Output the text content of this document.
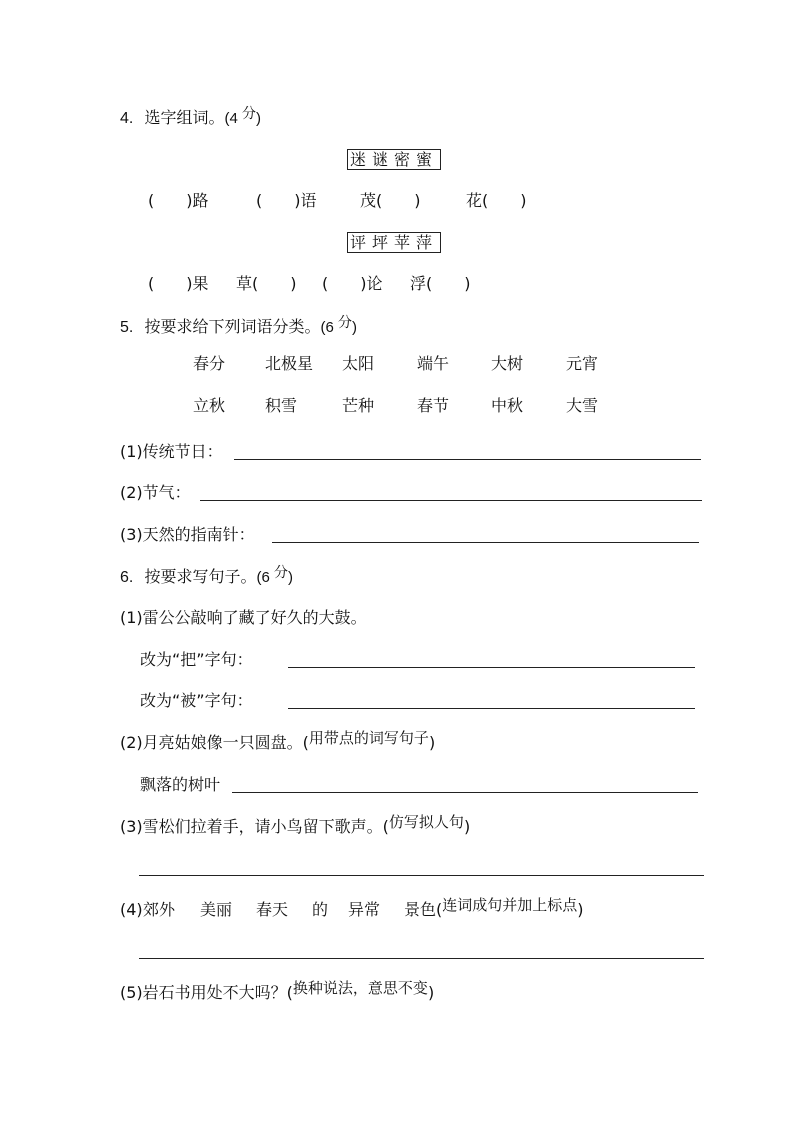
4. 选字组词。(4 分)
迷谜密蜜
(　　)路	(　　)语	茂(　　)	花(　　)
评坪苹萍
(　　)果 草(　　) (　　)论 浮(　　)
5. 按要求给下列词语分类。(6 分)
春分 北极星 太阳	端午	大树	元宵
立秋 积雪	芒种	春节	中秋	大雪
(1)传统节日：
(2)节气：
(3)天然的指南针：
6. 按要求写句子。(6 分)
(1)雷公公敲响了藏了好久的大鼓。
改为“把”字句：
改为“被”字句：
(2)月亮姑娘像一只圆盘。(用带点的词写句子)
飘落的树叶
(3)雪松们拉着手，请小鸟留下歌声。(仿写拟人句)
(4) 郊外 美丽 春天 的 异常 景色(连词成句并加上标点)
(5)岩石书用处不大吗？(换种说法，意思不变)
